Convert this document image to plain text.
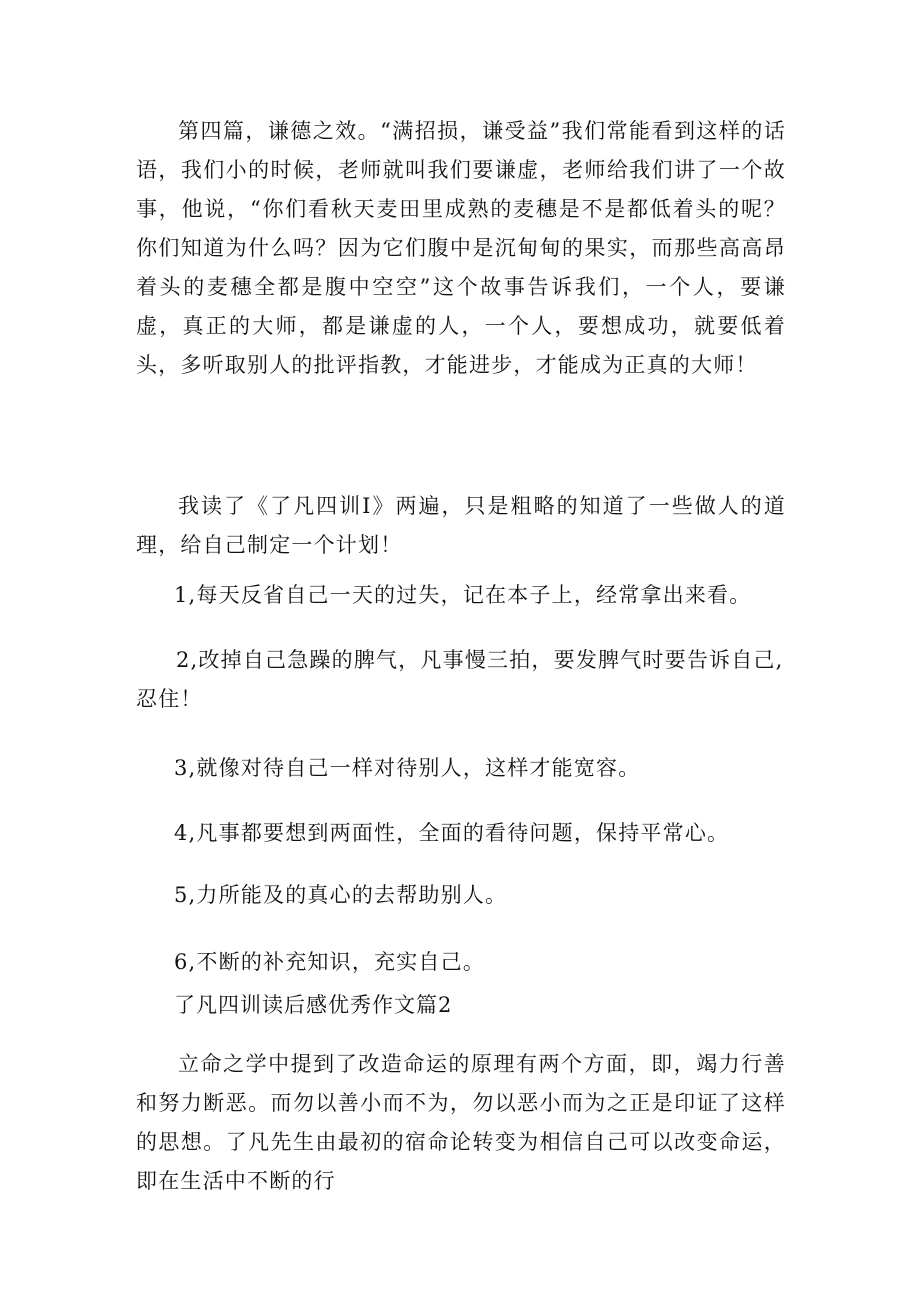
第四篇，谦德之效。“满招损，谦受益”我们常能看到这样的话语，我们小的时候，老师就叫我们要谦虚，老师给我们讲了一个故事，他说，“你们看秋天麦田里成熟的麦穗是不是都低着头的呢？你们知道为什么吗？因为它们腹中是沉甸甸的果实，而那些高高昂着头的麦穗全都是腹中空空”这个故事告诉我们，一个人，要谦虚，真正的大师，都是谦虚的人，一个人，要想成功，就要低着头，多听取别人的批评指教，才能进步，才能成为正真的大师！

我读了《了凡四训I》两遍，只是粗略的知道了一些做人的道理，给自己制定一个计划！

1,每天反省自己一天的过失，记在本子上，经常拿出来看。

2,改掉自己急躁的脾气，凡事慢三拍，要发脾气时要告诉自己,忍住！

3,就像对待自己一样对待别人，这样才能宽容。

4,凡事都要想到两面性，全面的看待问题，保持平常心。

5,力所能及的真心的去帮助别人。

6,不断的补充知识，充实自己。

了凡四训读后感优秀作文篇2

立命之学中提到了改造命运的原理有两个方面，即，竭力行善和努力断恶。而勿以善小而不为，勿以恶小而为之正是印证了这样的思想。了凡先生由最初的宿命论转变为相信自己可以改变命运，即在生活中不断的行
